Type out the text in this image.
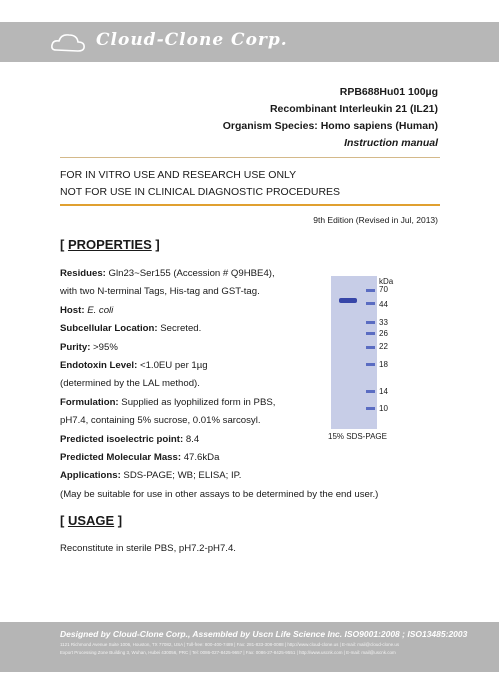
Cloud-Clone Corp.
RPB688Hu01 100µg
Recombinant Interleukin 21 (IL21)
Organism Species: Homo sapiens (Human)
Instruction manual
FOR IN VITRO USE AND RESEARCH USE ONLY
NOT FOR USE IN CLINICAL DIAGNOSTIC PROCEDURES
9th Edition (Revised in Jul, 2013)
[ PROPERTIES ]
Residues: Gln23~Ser155 (Accession # Q9HBE4),
with two N-terminal Tags, His-tag and GST-tag.
Host: E. coli
Subcellular Location: Secreted.
Purity: >95%
Endotoxin Level: <1.0EU per 1µg
(determined by the LAL method).
Formulation: Supplied as lyophilized form in PBS,
pH7.4, containing 5% sucrose, 0.01% sarcosyl.
Predicted isoelectric point: 8.4
Predicted Molecular Mass: 47.6kDa
Applications: SDS-PAGE; WB; ELISA; IP.
(May be suitable for use in other assays to be determined by the end user.)
kDa
70
44
33
26
22
18
14
10
15% SDS-PAGE
[ USAGE ]
Reconstitute in sterile PBS, pH7.2-pH7.4.
Designed by Cloud-Clone Corp., Assembled by Uscn Life Science Inc. ISO9001:2008 ; ISO13485:2003
1121 Richmond Avenue Suite 1006, Houston, TX 77082, USA | Toll-free: 800-400-7489 | Fax: 281-833-308-0088 | http://www.cloud-clone.us | E-mail: mail@cloud-clone.us
Export Processing Zone Building 3, Wuhan, Hubei 430056, PRC | Tel: 0086-027-8425-9657 | Fax: 0086-27-8425-9551 | http://www.uscnk.com | E-mail: mail@uscnk.com
